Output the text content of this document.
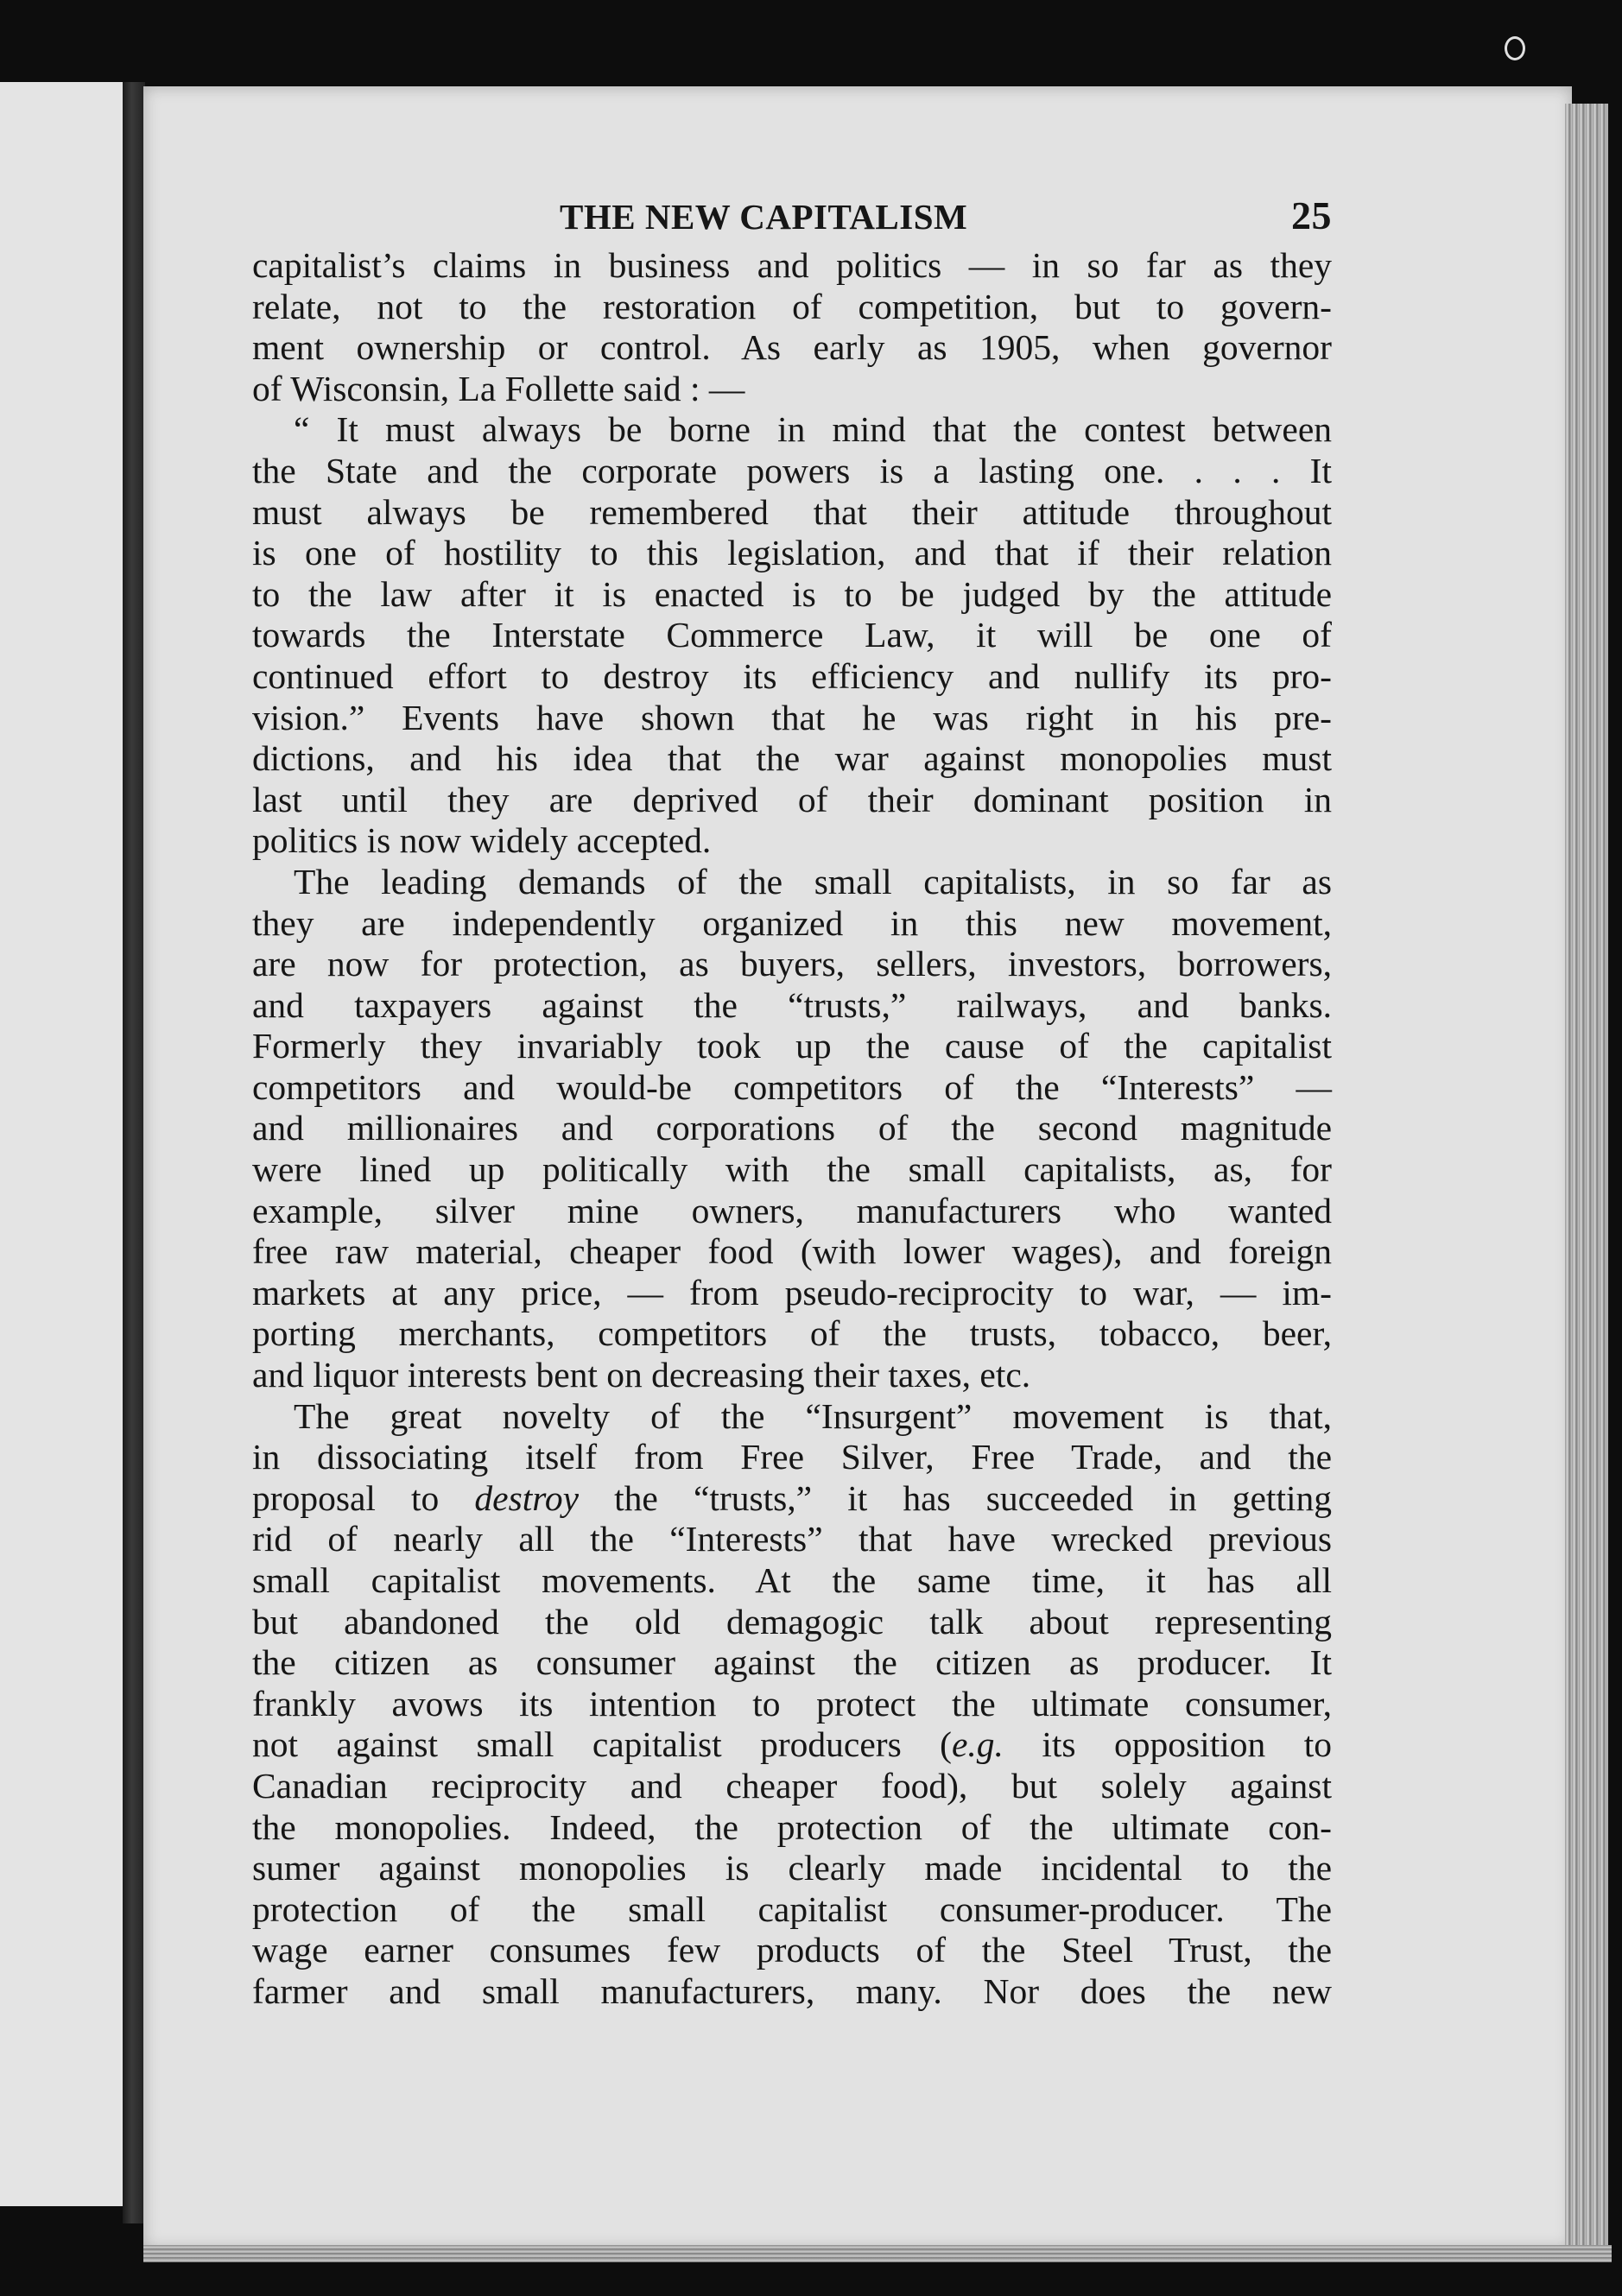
THE NEW CAPITALISM	25
capitalist’s claims in business and politics — in so far as they
relate, not to the restoration of competition, but to govern-
ment ownership or control. As early as 1905, when governor
of Wisconsin, La Follette said : —
“ It must always be borne in mind that the contest between
the State and the corporate powers is a lasting one. . . . It
must always be remembered that their attitude throughout
is one of hostility to this legislation, and that if their relation
to the law after it is enacted is to be judged by the attitude
towards the Interstate Commerce Law, it will be one of
continued effort to destroy its efficiency and nullify its pro-
vision.” Events have shown that he was right in his pre-
dictions, and his idea that the war against monopolies must
last until they are deprived of their dominant position in
politics is now widely accepted.
The leading demands of the small capitalists, in so far as
they are independently organized in this new movement,
are now for protection, as buyers, sellers, investors, borrowers,
and taxpayers against the “trusts,” railways, and banks.
Formerly they invariably took up the cause of the capitalist
competitors and would-be competitors of the “Interests” —
and millionaires and corporations of the second magnitude
were lined up politically with the small capitalists, as, for
example, silver mine owners, manufacturers who wanted
free raw material, cheaper food (with lower wages), and foreign
markets at any price, — from pseudo-reciprocity to war, — im-
porting merchants, competitors of the trusts, tobacco, beer,
and liquor interests bent on decreasing their taxes, etc.
The great novelty of the “Insurgent” movement is that,
in dissociating itself from Free Silver, Free Trade, and the
proposal to destroy the “trusts,” it has succeeded in getting
rid of nearly all the “Interests” that have wrecked previous
small capitalist movements. At the same time, it has all
but abandoned the old demagogic talk about representing
the citizen as consumer against the citizen as producer. It
frankly avows its intention to protect the ultimate consumer,
not against small capitalist producers (e.g. its opposition to
Canadian reciprocity and cheaper food), but solely against
the monopolies. Indeed, the protection of the ultimate con-
sumer against monopolies is clearly made incidental to the
protection of the small capitalist consumer-producer. The
wage earner consumes few products of the Steel Trust, the
farmer and small manufacturers, many. Nor does the new
